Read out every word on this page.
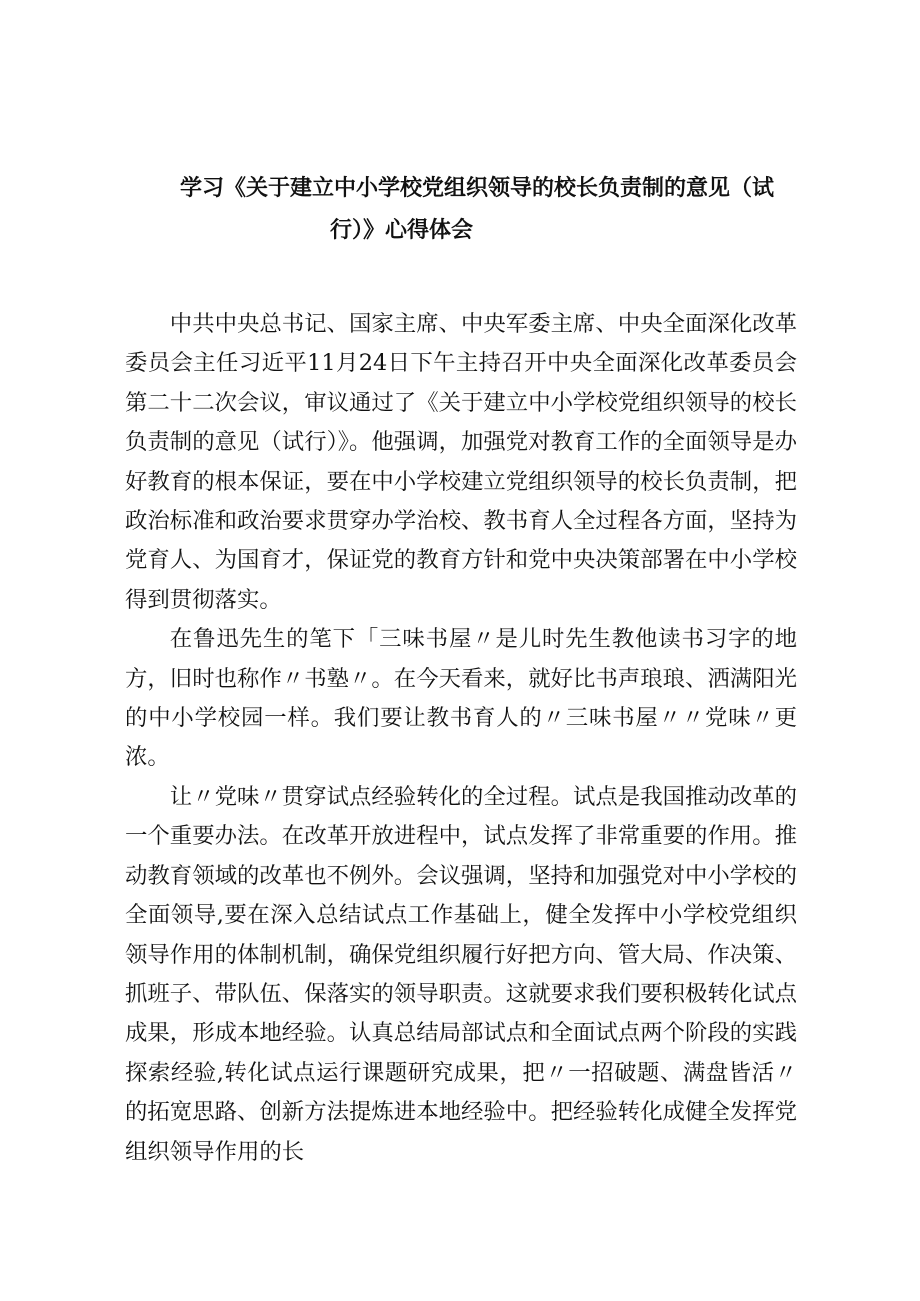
学习《关于建立中小学校党组织领导的校长负责制的意见（试
行）》心得体会

中共中央总书记、国家主席、中央军委主席、中央全面深化改革委员会主任习近平11月24日下午主持召开中央全面深化改革委员会第二十二次会议，审议通过了《关于建立中小学校党组织领导的校长负责制的意见（试行）》。他强调，加强党对教育工作的全面领导是办好教育的根本保证，要在中小学校建立党组织领导的校长负责制，把政治标准和政治要求贯穿办学治校、教书育人全过程各方面，坚持为党育人、为国育才，保证党的教育方针和党中央决策部署在中小学校得到贯彻落实。

在鲁迅先生的笔下「三味书屋〃是儿时先生教他读书习字的地方，旧时也称作〃书塾〃。在今天看来，就好比书声琅琅、洒满阳光的中小学校园一样。我们要让教书育人的〃三味书屋〃〃党味〃更浓。

让〃党味〃贯穿试点经验转化的全过程。试点是我国推动改革的一个重要办法。在改革开放进程中，试点发挥了非常重要的作用。推动教育领域的改革也不例外。会议强调，坚持和加强党对中小学校的全面领导,要在深入总结试点工作基础上，健全发挥中小学校党组织领导作用的体制机制，确保党组织履行好把方向、管大局、作决策、抓班子、带队伍、保落实的领导职责。这就要求我们要积极转化试点成果，形成本地经验。认真总结局部试点和全面试点两个阶段的实践探索经验,转化试点运行课题研究成果，把〃一招破题、满盘皆活〃的拓宽思路、创新方法提炼进本地经验中。把经验转化成健全发挥党组织领导作用的长
